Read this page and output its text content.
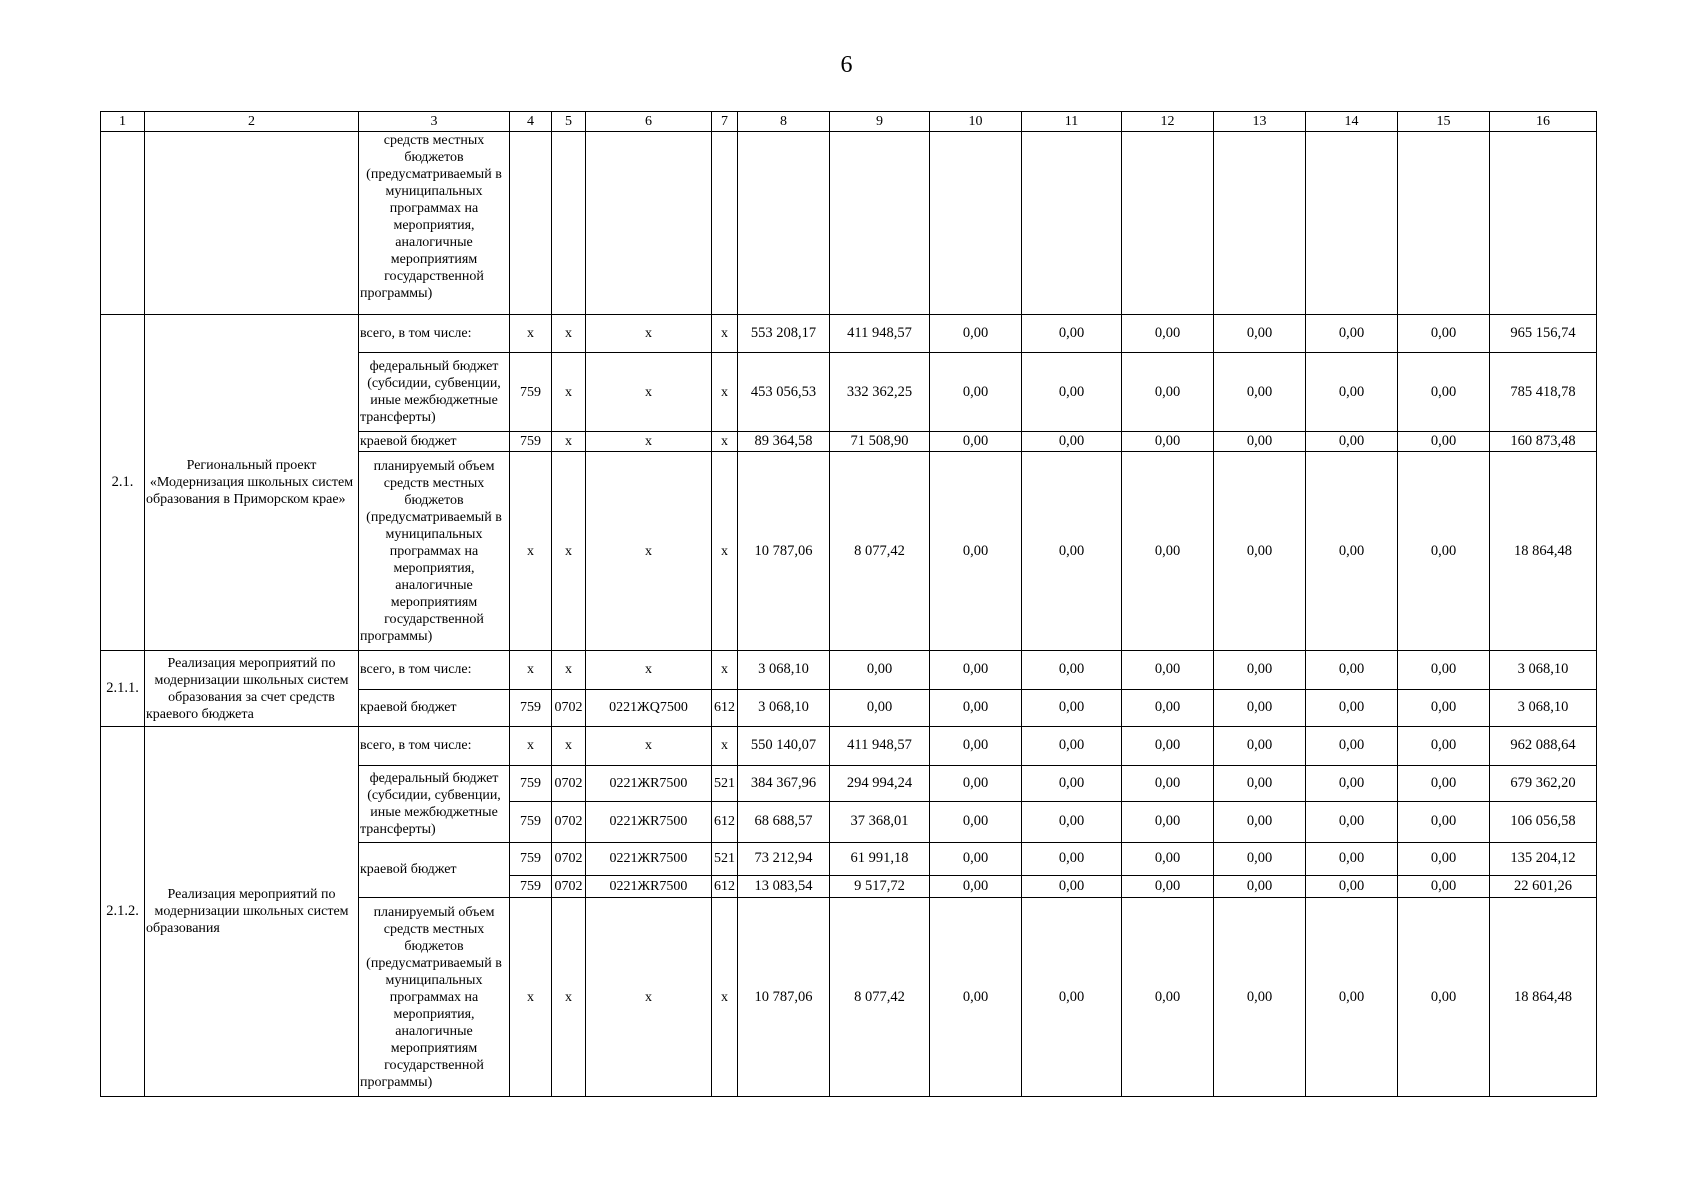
6
1	2	3	4	5	6	7	8	9	10	11	12	13	14	15	16
		средств местных бюджетов (предусматриваемый в муниципальных программах на мероприятия, аналогичные мероприятиям государственной программы)													
2.1.	Региональный проект «Модернизация школьных систем образования в Приморском крае»	всего, в том числе:	x	x	x	x	553 208,17	411 948,57	0,00	0,00	0,00	0,00	0,00	0,00	965 156,74
		федеральный бюджет (субсидии, субвенции, иные межбюджетные трансферты)	759	x	x	x	453 056,53	332 362,25	0,00	0,00	0,00	0,00	0,00	0,00	785 418,78
		краевой бюджет	759	x	x	x	89 364,58	71 508,90	0,00	0,00	0,00	0,00	0,00	0,00	160 873,48
		планируемый объем средств местных бюджетов (предусматриваемый в муниципальных программах на мероприятия, аналогичные мероприятиям государственной программы)	x	x	x	x	10 787,06	8 077,42	0,00	0,00	0,00	0,00	0,00	0,00	18 864,48
2.1.1.	Реализация мероприятий по модернизации школьных систем образования за счет средств краевого бюджета	всего, в том числе:	x	x	x	x	3 068,10	0,00	0,00	0,00	0,00	0,00	0,00	0,00	3 068,10
		краевой бюджет	759	0702	0221ЖQ7500	612	3 068,10	0,00	0,00	0,00	0,00	0,00	0,00	0,00	3 068,10
2.1.2.	Реализация мероприятий по модернизации школьных систем образования	всего, в том числе:	x	x	x	x	550 140,07	411 948,57	0,00	0,00	0,00	0,00	0,00	0,00	962 088,64
		федеральный бюджет (субсидии, субвенции, иные межбюджетные трансферты)	759	0702	0221ЖR7500	521	384 367,96	294 994,24	0,00	0,00	0,00	0,00	0,00	0,00	679 362,20
			759	0702	0221ЖR7500	612	68 688,57	37 368,01	0,00	0,00	0,00	0,00	0,00	0,00	106 056,58
		краевой бюджет	759	0702	0221ЖR7500	521	73 212,94	61 991,18	0,00	0,00	0,00	0,00	0,00	0,00	135 204,12
			759	0702	0221ЖR7500	612	13 083,54	9 517,72	0,00	0,00	0,00	0,00	0,00	0,00	22 601,26
		планируемый объем средств местных бюджетов (предусматриваемый в муниципальных программах на мероприятия, аналогичные мероприятиям государственной программы)	x	x	x	x	10 787,06	8 077,42	0,00	0,00	0,00	0,00	0,00	0,00	18 864,48
